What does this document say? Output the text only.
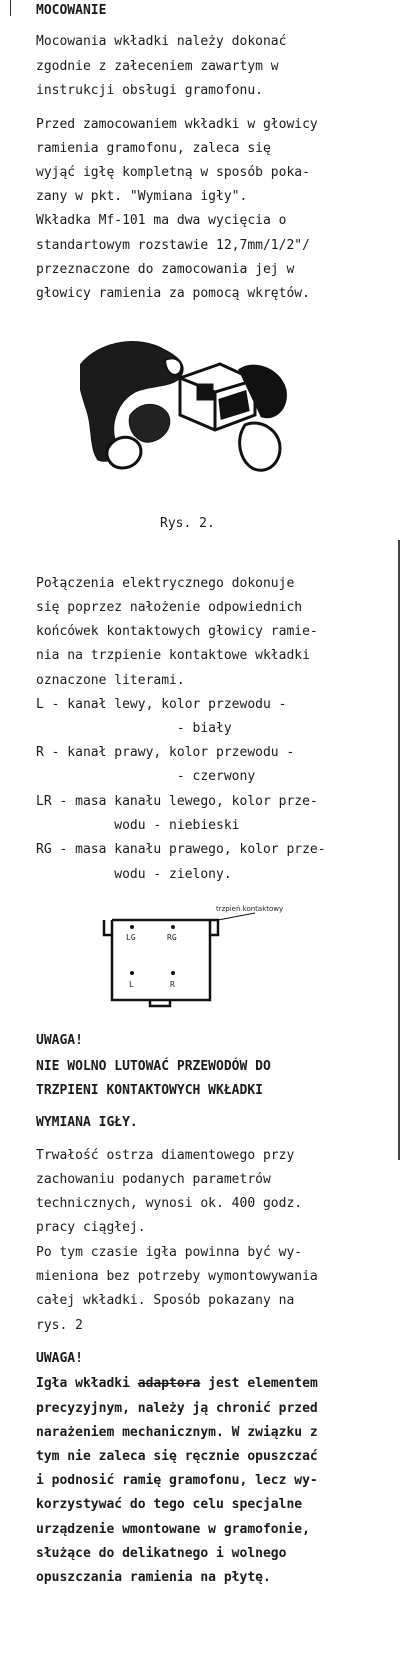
MOCOWANIE
Mocowania wkładki należy dokonać
zgodnie z załeceniem zawartym w
instrukcji obsługi gramofonu.
Przed zamocowaniem wkładki w głowicy
ramienia gramofonu, zaleca się
wyjąć igłę kompletną w sposób poka-
zany w pkt. "Wymiana igły".
Wkładka Mf-101 ma dwa wycięcia o
standartowym rozstawie 12,7mm/1/2"/
przeznaczone do zamocowania jej w
głowicy ramienia za pomocą wkrętów.
Rys. 2.
Połączenia elektrycznego dokonuje
się poprzez nałożenie odpowiednich
końcówek kontaktowych głowicy ramie-
nia na trzpienie kontaktowe wkładki
oznaczone literami.
L - kanał lewy, kolor przewodu -
- biały
R - kanał prawy, kolor przewodu -
- czerwony
LR - masa kanału lewego, kolor prze-
wodu - niebieski
RG - masa kanału prawego, kolor prze-
wodu - zielony.
trzpień kontaktowy
LG	RG
L	R
UWAGA!
NIE WOLNO LUTOWAĆ PRZEWODÓW DO
TRZPIENI KONTAKTOWYCH WKŁADKI
WYMIANA IGŁY.
Trwałość ostrza diamentowego przy
zachowaniu podanych parametrów
technicznych, wynosi ok. 400 godz.
pracy ciągłej.
Po tym czasie igła powinna być wy-
mieniona bez potrzeby wymontowywania
całej wkładki. Sposób pokazany na
rys. 2
UWAGA!
Igła wkładki adaptora jest elementem
precyzyjnym, należy ją chronić przed
narażeniem mechanicznym. W związku z
tym nie zaleca się ręcznie opuszczać
i podnosić ramię gramofonu, lecz wy-
korzystywać do tego celu specjalne
urządzenie wmontowane w gramofonie,
służące do delikatnego i wolnego
opuszczania ramienia na płytę.
